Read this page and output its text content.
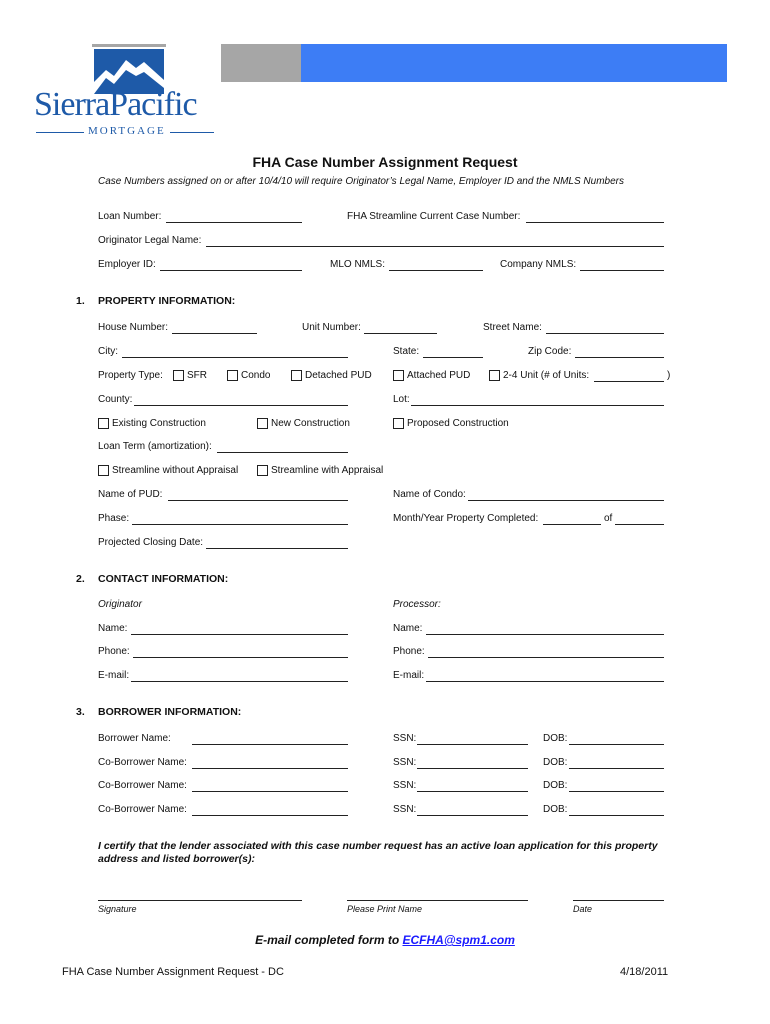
SierraPacific
MORTGAGE
FHA Case Number Assignment Request
Case Numbers assigned on or after 10/4/10 will require Originator’s Legal Name, Employer ID and the NMLS Numbers
Loan Number:	FHA Streamline Current Case Number:
Originator Legal Name:
Employer ID:	MLO NMLS:	Company NMLS:
1. PROPERTY INFORMATION:
House Number:	Unit Number:	Street Name:
City:	State:	Zip Code:
Property Type: SFR	Condo	Detached PUD	Attached PUD	2-4 Unit (# of Units:	)
County:	Lot:
Existing Construction	New Construction	Proposed Construction
Loan Term (amortization):
Streamline without Appraisal	Streamline with Appraisal
Name of PUD:	Name of Condo:
Phase:	Month/Year Property Completed:	of
Projected Closing Date:
2. CONTACT INFORMATION:
Originator	Processor:
Name:	Name:
Phone:	Phone:
E-mail:	E-mail:
3. BORROWER INFORMATION:
Borrower Name:	SSN:	DOB:
Co-Borrower Name:	SSN:	DOB:
Co-Borrower Name:	SSN:	DOB:
Co-Borrower Name:	SSN:	DOB:
I certify that the lender associated with this case number request has an active loan application for this property address and listed borrower(s):
Signature	Please Print Name	Date
E-mail completed form to ECFHA@spm1.com
FHA Case Number Assignment Request - DC	4/18/2011
